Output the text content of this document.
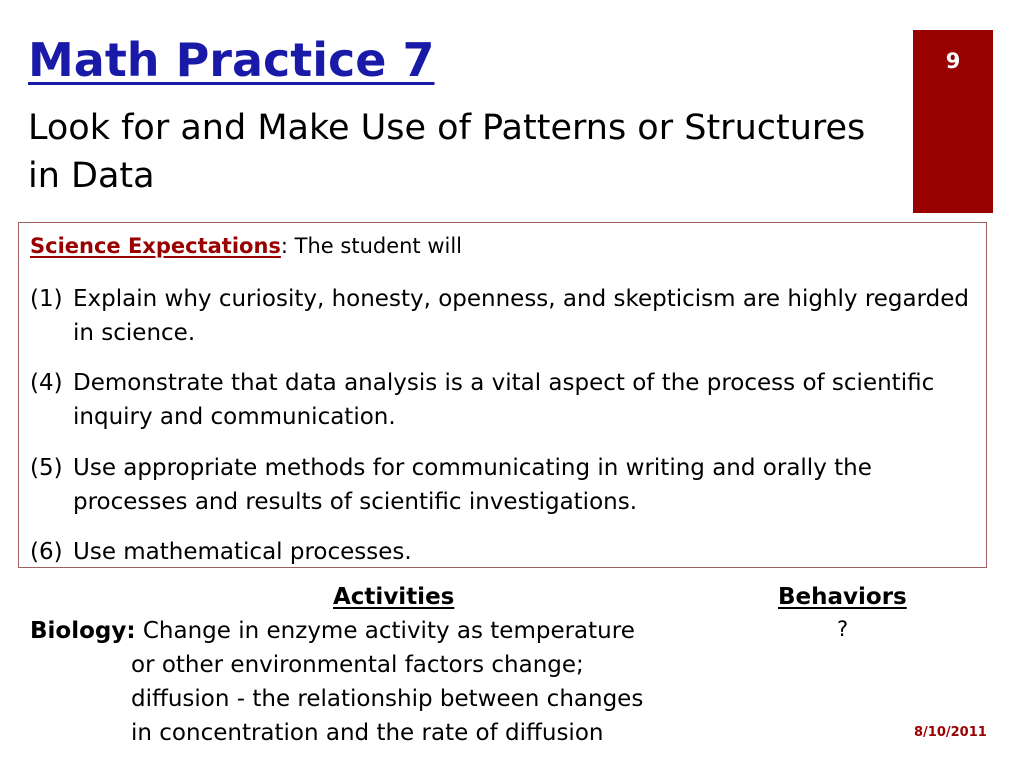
Math Practice 7
Look for and Make Use of Patterns or Structures in Data
9
Science Expectations: The student will
(1) Explain why curiosity, honesty, openness, and skepticism are highly regarded in science.
(4) Demonstrate that data analysis is a vital aspect of the process of scientific inquiry and communication.
(5) Use appropriate methods for communicating in writing and orally the processes and results of scientific investigations.
(6) Use mathematical processes.
Activities	Behaviors
Biology: Change in enzyme activity as temperature
or other environmental factors change;
diffusion - the relationship between changes
in concentration and the rate of diffusion
?
8/10/2011
